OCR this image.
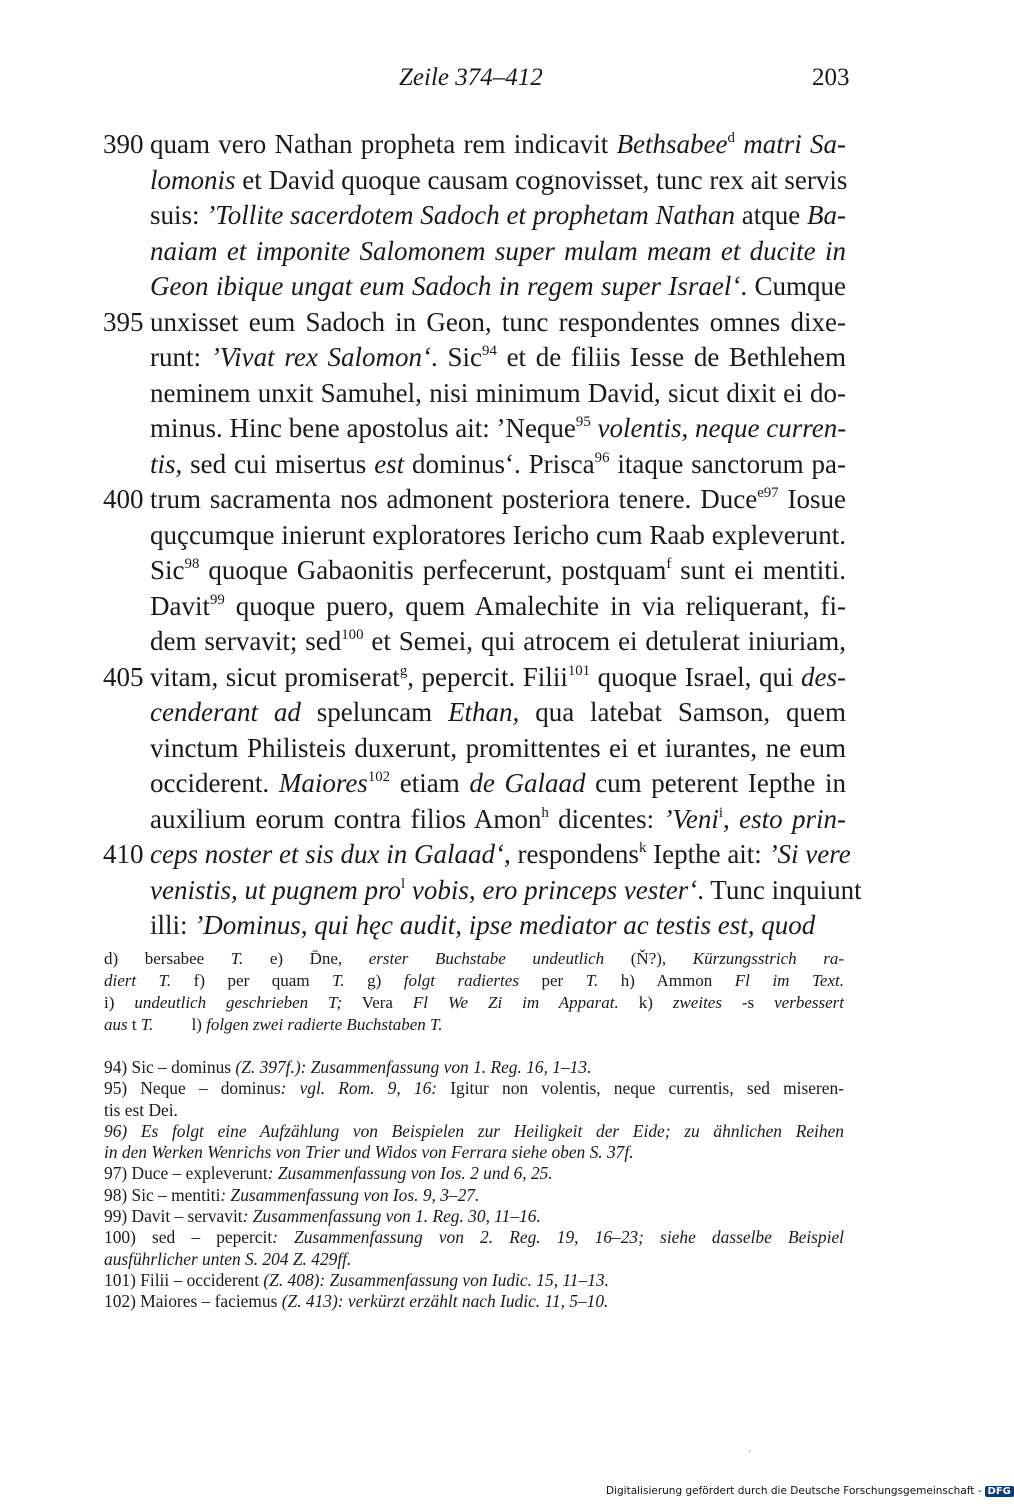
Zeile 374–412	203
390 quam vero Nathan propheta rem indicavit Bethsabee$^d$ matri Sa-
lomonis et David quoque causam cognovisset, tunc rex ait servis
suis: ’Tollite sacerdotem Sadoch et prophetam Nathan atque Ba-
naiam et imponite Salomonem super mulam meam et ducite in
Geon ibique ungat eum Sadoch in regem super Israel‘. Cumque
395 unxisset eum Sadoch in Geon, tunc respondentes omnes dixe-
runt: ’Vivat rex Salomon‘. Sic$^{94}$ et de filiis Iesse de Bethlehem
neminem unxit Samuhel, nisi minimum David, sicut dixit ei do-
minus. Hinc bene apostolus ait: ’Neque$^{95}$ volentis, neque curren-
tis, sed cui misertus est dominus‘. Prisca$^{96}$ itaque sanctorum pa-
400 trum sacramenta nos admonent posteriora tenere. Duce$^{e97}$ Iosue
quçcumque inierunt exploratores Iericho cum Raab expleverunt.
Sic$^{98}$ quoque Gabaonitis perfecerunt, postquam$^f$ sunt ei mentiti.
Davit$^{99}$ quoque puero, quem Amalechite in via reliquerant, fi-
dem servavit; sed$^{100}$ et Semei, qui atrocem ei detulerat iniuriam,
405 vitam, sicut promiserat$^g$, pepercit. Filii$^{101}$ quoque Israel, qui des-
cenderant ad speluncam Ethan, qua latebat Samson, quem
vinctum Philisteis duxerunt, promittentes ei et iurantes, ne eum
occiderent. Maiores$^{102}$ etiam de Galaad cum peterent Iepthe in
auxilium eorum contra filios Amon$^h$ dicentes: ’Veni$^i$, esto prin-
410 ceps noster et sis dux in Galaad‘, respondens$^k$ Iepthe ait: ’Si vere
venistis, ut pugnem pro$^l$ vobis, ero princeps vester‘. Tunc inquiunt
illi: ’Dominus, qui hęc audit, ipse mediator ac testis est, quod
d) bersabee T. e) D̄ne, erster Buchstabe undeutlich (Ň?), Kürzungsstrich ra-
diert T. f) per quam T. g) folgt radiertes per T. h) Ammon Fl im Text.
i) undeutlich geschrieben T; Vera Fl We Zi im Apparat. k) zweites -s verbessert
aus t T.         l) folgen zwei radierte Buchstaben T.
94) Sic – dominus (Z. 397f.): Zusammenfassung von 1. Reg. 16, 1–13.
95) Neque – dominus: vgl. Rom. 9, 16: Igitur non volentis, neque currentis, sed miseren-
tis est Dei.
96) Es folgt eine Aufzählung von Beispielen zur Heiligkeit der Eide; zu ähnlichen Reihen
in den Werken Wenrichs von Trier und Widos von Ferrara siehe oben S. 37f.
97) Duce – expleverunt: Zusammenfassung von Ios. 2 und 6, 25.
98) Sic – mentiti: Zusammenfassung von Ios. 9, 3–27.
99) Davit – servavit: Zusammenfassung von 1. Reg. 30, 11–16.
100) sed – pepercit: Zusammenfassung von 2. Reg. 19, 16–23; siehe dasselbe Beispiel
ausführlicher unten S. 204 Z. 429ff.
101) Filii – occiderent (Z. 408): Zusammenfassung von Iudic. 15, 11–13.
102) Maiores – faciemus (Z. 413): verkürzt erzählt nach Iudic. 11, 5–10.
·
Digitalisierung gefördert durch die Deutsche Forschungsgemeinschaft - DFG
